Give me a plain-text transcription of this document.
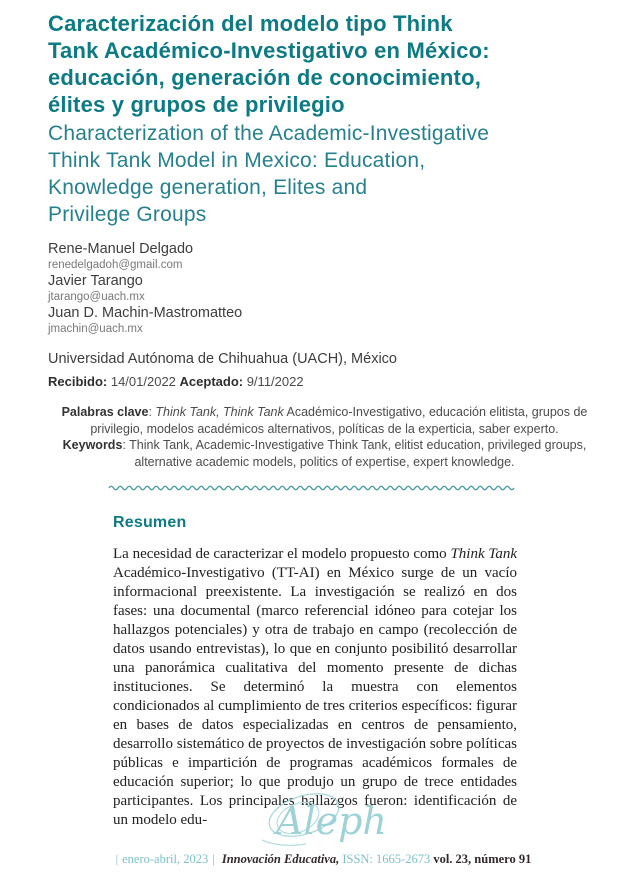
Caracterización del modelo tipo Think
Tank Académico-Investigativo en México:
educación, generación de conocimiento,
élites y grupos de privilegio
Characterization of the Academic-Investigative
Think Tank Model in Mexico: Education,
Knowledge generation, Elites and
Privilege Groups
Rene-Manuel Delgado
renedelgadoh@gmail.com
Javier Tarango
jtarango@uach.mx
Juan D. Machin-Mastromatteo
jmachin@uach.mx
Universidad Autónoma de Chihuahua (UACH), México
Recibido: 14/01/2022 Aceptado: 9/11/2022

Palabras clave: Think Tank, Think Tank Académico-Investigativo, educación elitista, grupos de privilegio, modelos académicos alternativos, políticas de la experticia, saber experto.

Keywords: Think Tank, Academic-Investigative Think Tank, elitist education, privileged groups, alternative academic models, politics of expertise, expert knowledge.

Resumen

La necesidad de caracterizar el modelo propuesto como Think Tank Académico-Investigativo (TT-AI) en México surge de un vacío informacional preexistente. La investigación se realizó en dos fases: una documental (marco referencial idóneo para cotejar los hallazgos potenciales) y otra de trabajo en campo (recolección de datos usando entrevistas), lo que en conjunto posibilitó desarrollar una panorámica cualitativa del momento presente de dichas instituciones. Se determinó la muestra con elementos condicionados al cumplimiento de tres criterios específicos: figurar en bases de datos especializadas en centros de pensamiento, desarrollo sistemático de proyectos de investigación sobre políticas públicas e impartición de programas académicos formales de educación superior; lo que produjo un grupo de trece entidades participantes. Los principales hallazgos fueron: identificación de un modelo edu-	Aleph
| enero-abril, 2023 | Innovación Educativa, ISSN: 1665-2673 vol. 23, número 91
